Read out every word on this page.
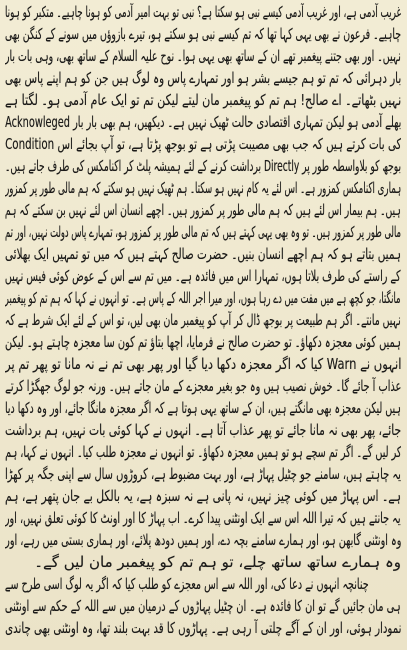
غریب آدمی ہے، اور غریب آدمی کیسے نبی ہو سکتا ہے؟ نبی تو بہت امیر آدمی کو ہونا چاہیے۔ متکبر کو ہونا
چاہیے۔ فرعون نے بھی یہی کہا تھا کہ تم کیسے نبی ہو سکتے ہو، تیرے بازوؤں میں سونے کے کنگن بھی
نہیں۔ اور بھی جتنے پیغمبر تھے ان کے ساتھ بھی یہی ہوا۔ نوح علیہ السلام کے ساتھ بھی، وہی بات بار
بار دہرائی کہ تم تو ہم جیسے بشر ہو اور تمہارے پاس وہ لوگ ہیں جن کو ہم اپنے پاس بھی
نہیں بٹھاتے۔ اے صالح! ہم تم کو پیغمبر مان لیتے لیکن تم تو ایک عام آدمی ہو۔ لگتا ہے
بھلے آدمی ہو لیکن تمہاری اقتصادی حالت ٹھیک نہیں ہے۔ دیکھیں، ہم بھی بار بار Acknowleged
کی بات کرتے ہیں کہ جب بھی مصیبت پڑتی ہے تو بوجھ پڑتا ہے، تو آپ بجائے اس Condition
بوجھ کو بلاواسطہ طور پر Directly برداشت کرنے کے لئے ہمیشہ پلٹ کر اکنامکس کی طرف جاتے ہیں۔
ہماری اکنامکس کمزور ہے۔ اس لئے یہ کام نہیں ہو سکتا۔ ہم ٹھیک نہیں ہو سکتے کہ ہم مالی طور پر کمزور
ہیں۔ ہم بیمار اس لئے ہیں کہ ہم مالی طور پر کمزور ہیں۔ اچھے انسان اس لئے نہیں بن سکتے کہ ہم
مالی طور پر کمزور ہیں۔ تو وہ بھی یہی کہتے ہیں کہ تم مالی طور پر کمزور ہو، تمہارے پاس دولت نہیں، اور تم
ہمیں بتاتے ہو کہ ہم اچھے انسان بنیں۔ حضرت صالح کہتے ہیں کہ میں تو تمہیں ایک بھلائی
کے راستے کی طرف بلاتا ہوں، تمہارا اس میں فائدہ ہے۔ میں تم سے اس کے عوض کوئی فیس نہیں
مانگتا، جو کچھ ہے میں مفت میں دے رہا ہوں، اور میرا اجر اللہ کے پاس ہے۔ تو انہوں نے کہا کہ ہم تم کو پیغمبر
نہیں مانتے۔ اگر ہم طبیعت پر بوجھ ڈال کر آپ کو پیغمبر مان بھی لیں، تو اس کے لئے ایک شرط ہے کہ
ہمیں کوئی معجزہ دکھاؤ۔ تو حضرت صالح نے فرمایا، اچھا بتاؤ تم کون سا معجزہ چاہتے ہو۔ لیکن
انہوں نے Warn کیا کہ اگر معجزہ دکھا دیا گیا اور پھر بھی تم نے نہ مانا تو پھر تم پر
عذاب آ جائے گا۔ خوش نصیب ہیں وہ جو بغیر معجزے کے مان جاتے ہیں۔ ورنہ جو لوگ جھگڑا کرتے
ہیں لیکن معجزہ بھی مانگتے ہیں، ان کے ساتھ یہی ہوتا ہے کہ اگر معجزہ مانگا جائے، اور وہ دکھا دیا
جائے، پھر بھی نہ مانا جائے تو پھر عذاب آتا ہے۔ انہوں نے کہا کوئی بات نہیں، ہم برداشت
کر لیں گے۔ اگر تم سچے ہو تو ہمیں معجزہ دکھاؤ۔ تو انہوں نے معجزہ طلب کیا۔ انہوں نے کہا، ہم
یہ چاہتے ہیں، سامنے جو چٹیل پہاڑ ہے، اور بہت مضبوط ہے، کروڑوں سال سے اپنی جگہ پر کھڑا
ہے۔ اس پہاڑ میں کوئی چیز نہیں، نہ پانی ہے نہ سبزہ ہے، یہ بالکل بے جان پتھر ہے، ہم
یہ جانتے ہیں کہ تیرا اللہ اس سے ایک اونٹنی پیدا کرے۔ اب پہاڑ کا اور اونٹ کا کوئی تعلق نہیں، اور
وہ اونٹنی گابھن ہو، اور ہمارے سامنے بچہ دے، اور ہمیں دودھ پلائے، اور ہماری بستی میں رہے، اور
وہ ہمارے ساتھ ساتھ چلے، تو ہم تم کو پیغمبر مان لیں گے۔
چنانچہ انہوں نے دعا کی، اور اللہ سے اس معجزے کو طلب کیا کہ اگر یہ لوگ اسی طرح سے
ہی مان جائیں گے تو ان کا فائدہ ہے۔ ان چٹیل پہاڑوں کے درمیان میں سے اللہ کے حکم سے اونٹنی
نمودار ہوئی، اور ان کے آگے چلتی آ رہی ہے۔ پہاڑوں کا قد بہت بلند تھا، وہ اونٹنی بھی چاندی
